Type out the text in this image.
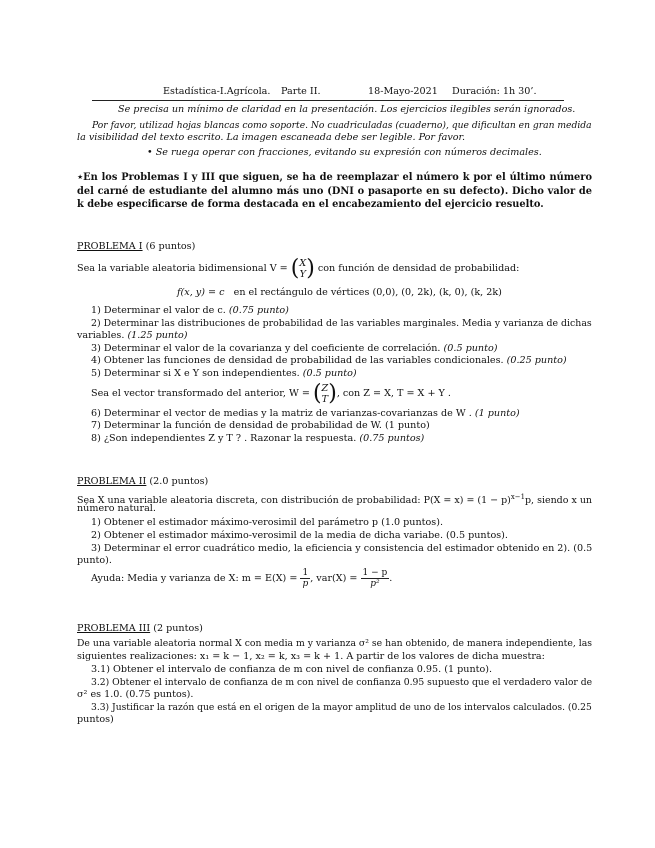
Estadística-I.Agrícola. Parte II.	18-Mayo-2021 Duración: 1h 30’.
Se precisa un mínimo de claridad en la presentación. Los ejercicios ilegibles serán ignorados.
Por favor, utilizad hojas blancas como soporte. No cuadriculadas (cuaderno), que dificultan en gran medida
la visibilidad del texto escrito. La imagen escaneada debe ser legible. Por favor.
• Se ruega operar con fracciones, evitando su expresión con números decimales.
⋆En los Problemas I y III que siguen, se ha de reemplazar el número k por el último número del carné de estudiante del alumno más uno (DNI o pasaporte en su defecto). Dicho valor de k debe especificarse de forma destacada en el encabezamiento del ejercicio resuelto.
PROBLEMA I (6 puntos)
Sea la variable aleatoria bidimensional V = ( X
Y ) con función de densidad de probabilidad:
f(x, y) = c en el rectángulo de vértices (0,0), (0, 2k), (k, 0), (k, 2k)
1) Determinar el valor de c. (0.75 punto)
2) Determinar las distribuciones de probabilidad de las variables marginales. Media y varianza de dichas
variables. (1.25 punto)
3) Determinar el valor de la covarianza y del coeficiente de correlación. (0.5 punto)
4) Obtener las funciones de densidad de probabilidad de las variables condicionales. (0.25 punto)
5) Determinar si X e Y son independientes. (0.5 punto)
Sea el vector transformado del anterior, W = ( Z
T ), con Z = X, T = X + Y .
6) Determinar el vector de medias y la matriz de varianzas-covarianzas de W . (1 punto)
7) Determinar la función de densidad de probabilidad de W. (1 punto)
8) ¿Son independientes Z y T ? . Razonar la respuesta. (0.75 puntos)
PROBLEMA II (2.0 puntos)
Sea X una variable aleatoria discreta, con distribución de probabilidad: $P(X = x) = (1 - p)^{x-1}p$, siendo x un
número natural.
1) Obtener el estimador máximo-verosimil del parámetro p (1.0 puntos).
2) Obtener el estimador máximo-verosimil de la media de dicha variabe. (0.5 puntos).
3) Determinar el error cuadrático medio, la eficiencia y consistencia del estimador obtenido en 2). (0.5
punto).
Ayuda: Media y varianza de X: $m = E(X) = \frac{1}{p}$ , $var(X) = \frac{1 - p}{\text{p²}}$ .
PROBLEMA III (2 puntos)
De una variable aleatoria normal X con media m y varianza σ² se han obtenido, de manera independiente, las
siguientes realizaciones: x₁ = k − 1, x₂ = k, x₃ = k + 1. A partir de los valores de dicha muestra:
3.1) Obtener el intervalo de confianza de m con nivel de confianza 0.95. (1 punto).
3.2) Obtener el intervalo de confianza de m con nivel de confianza 0.95 supuesto que el verdadero valor de
σ² es 1.0. (0.75 puntos).
3.3) Justificar la razón que está en el origen de la mayor amplitud de uno de los intervalos calculados. (0.25
puntos)
